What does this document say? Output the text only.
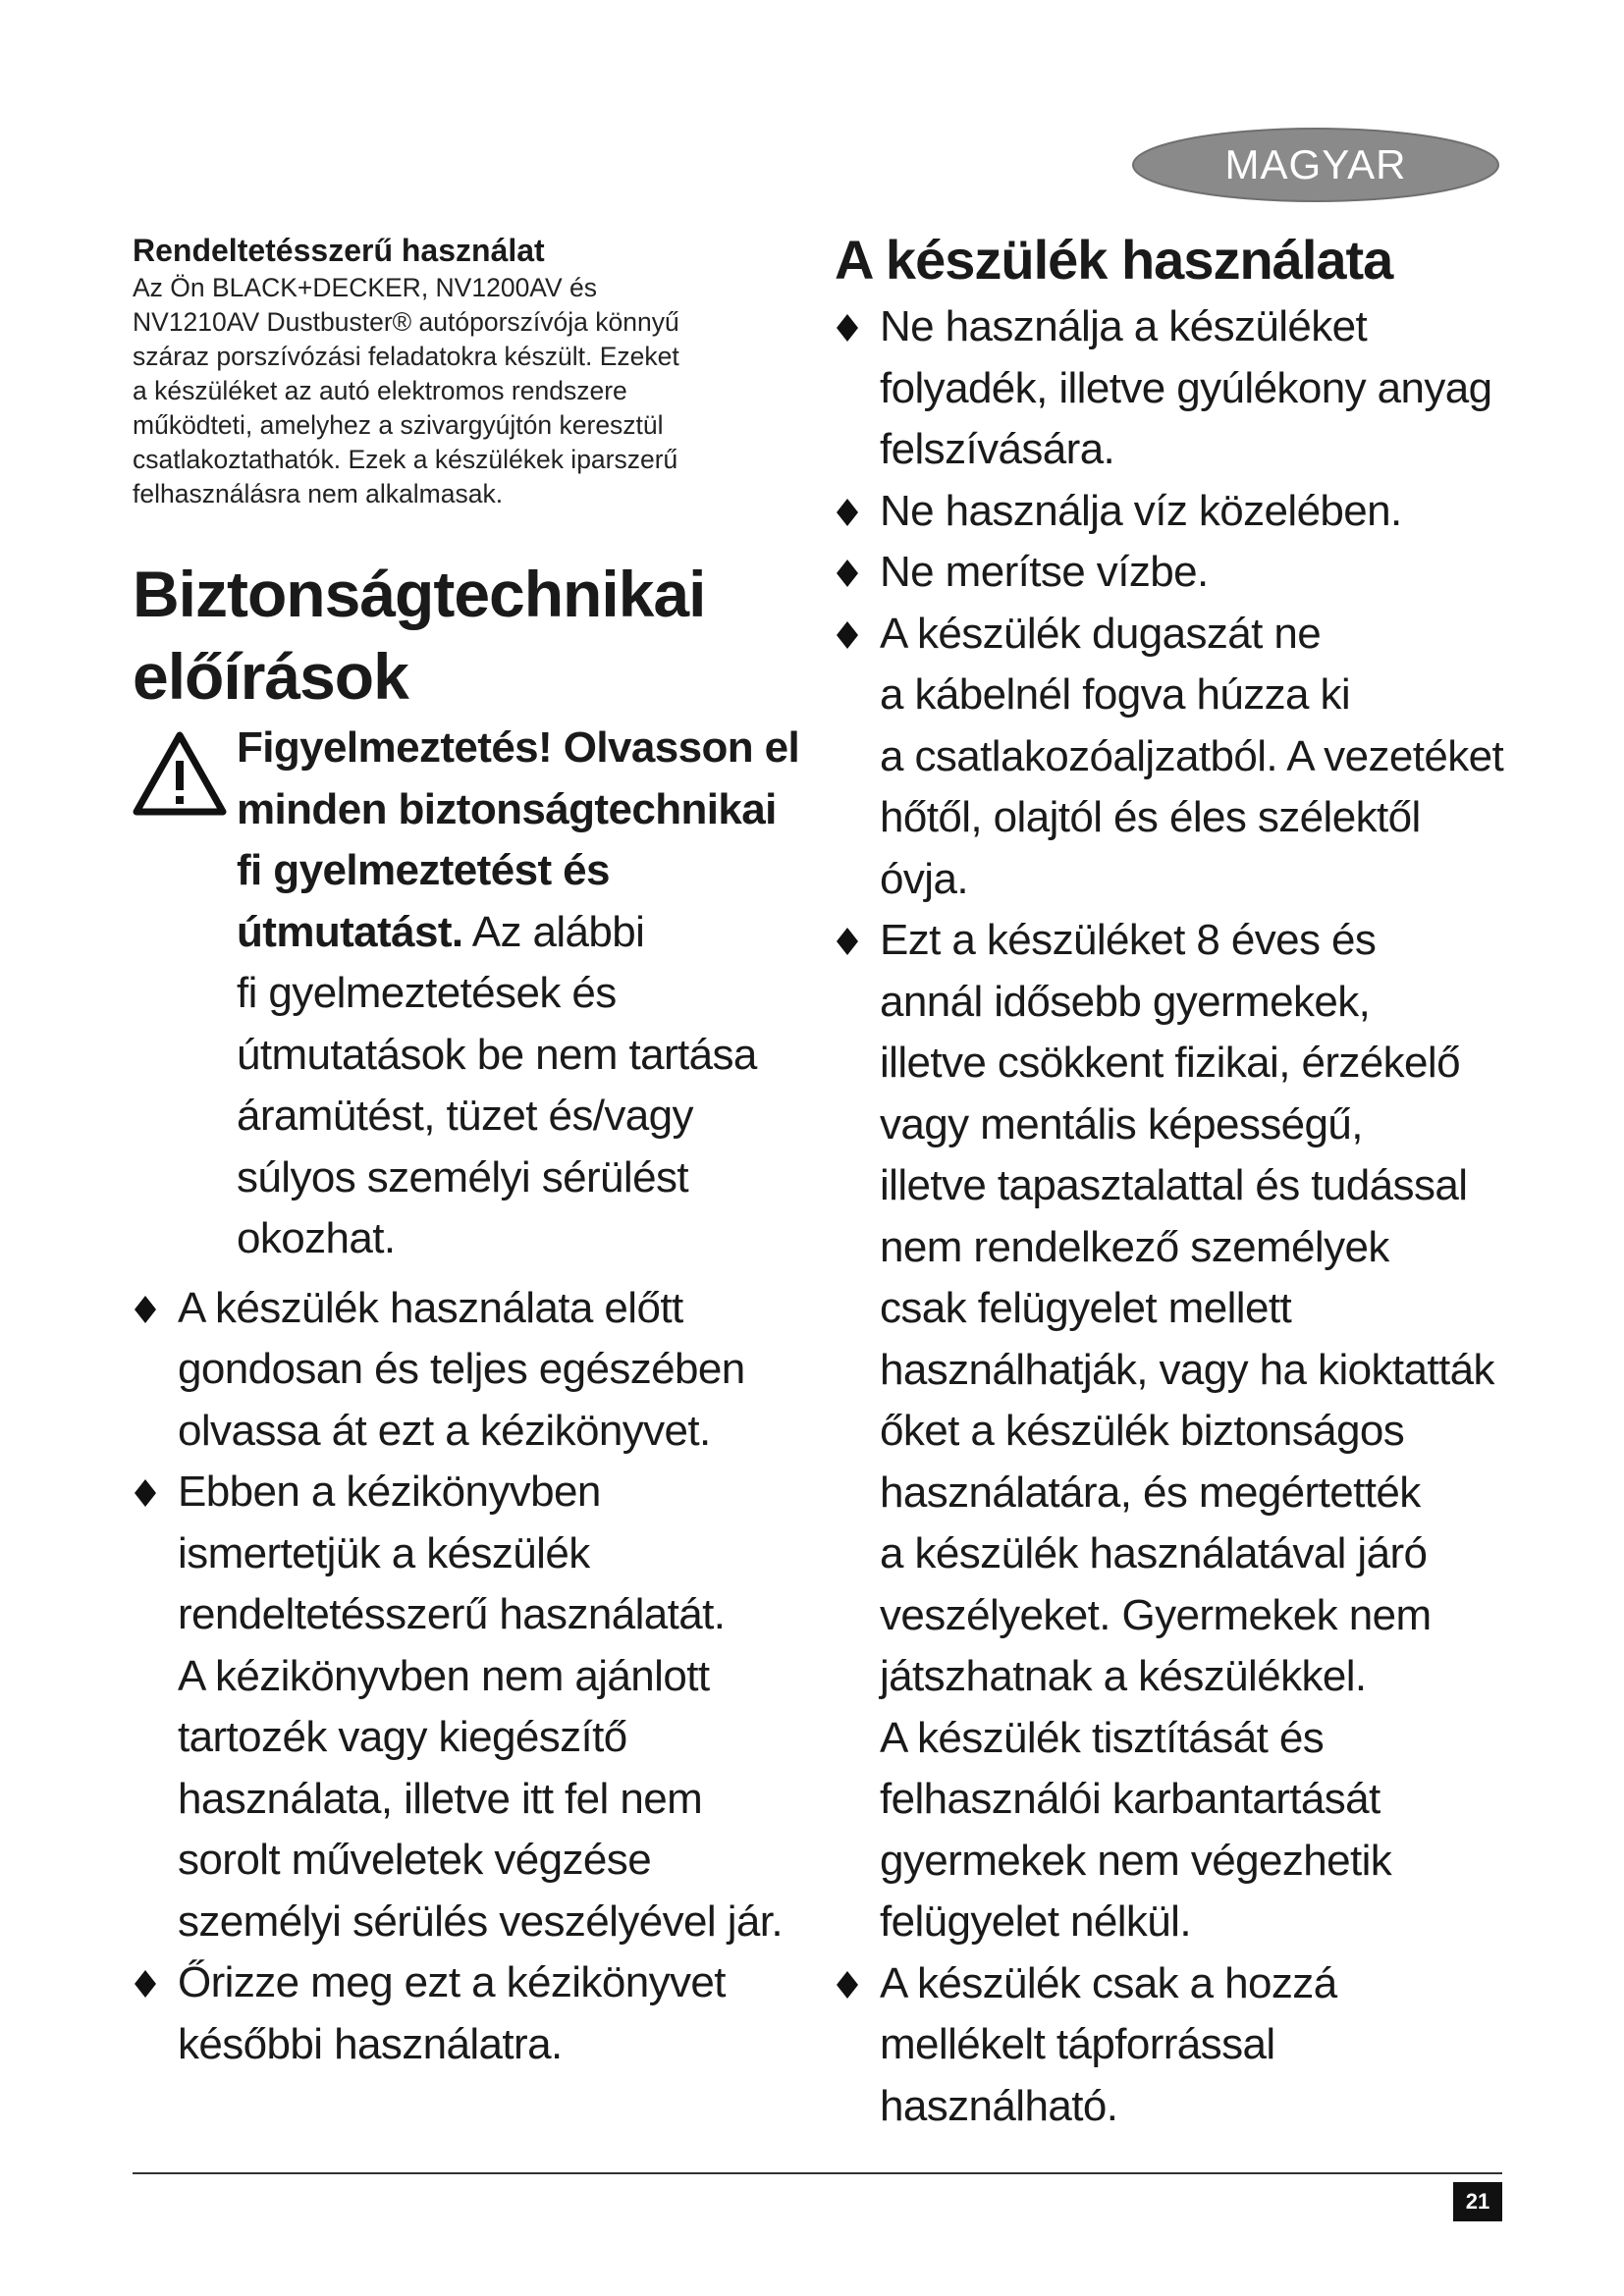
MAGYAR
Rendeltetésszerű használat

Az Ön BLACK+DECKER, NV1200AV és
NV1210AV Dustbuster® autóporszívója könnyű
száraz porszívózási feladatokra készült. Ezeket
a készüléket az autó elektromos rendszere
működteti, amelyhez a szivargyújtón keresztül
csatlakoztathatók. Ezek a készülékek iparszerű
felhasználásra nem alkalmasak.

Biztonságtechnikai
előírások
Figyelmeztetés! Olvasson el
minden biztonságtechnikai
fi gyelmeztetést és
útmutatást. Az alábbi
fi gyelmeztetések és
útmutatások be nem tartása
áramütést, tüzet és/vagy
súlyos személyi sérülést
okozhat.
A készülék használata előtt
gondosan és teljes egészében
olvassa át ezt a kézikönyvet.
Ebben a kézikönyvben
ismertetjük a készülék
rendeltetésszerű használatát.
A kézikönyvben nem ajánlott
tartozék vagy kiegészítő
használata, illetve itt fel nem
sorolt műveletek végzése
személyi sérülés veszélyével jár.
Őrizze meg ezt a kézikönyvet
későbbi használatra.
A készülék használata
Ne használja a készüléket
folyadék, illetve gyúlékony anyag
felszívására.
Ne használja víz közelében.
Ne merítse vízbe.
A készülék dugaszát ne
a kábelnél fogva húzza ki
a csatlakozóaljzatból. A vezetéket
hőtől, olajtól és éles szélektől
óvja.
Ezt a készüléket 8 éves és
annál idősebb gyermekek,
illetve csökkent fizikai, érzékelő
vagy mentális képességű,
illetve tapasztalattal és tudással
nem rendelkező személyek
csak felügyelet mellett
használhatják, vagy ha kioktatták
őket a készülék biztonságos
használatára, és megértették
a készülék használatával járó
veszélyeket. Gyermekek nem
játszhatnak a készülékkel.
A készülék tisztítását és
felhasználói karbantartását
gyermekek nem végezhetik
felügyelet nélkül.
A készülék csak a hozzá
mellékelt tápforrással
használható.
21
